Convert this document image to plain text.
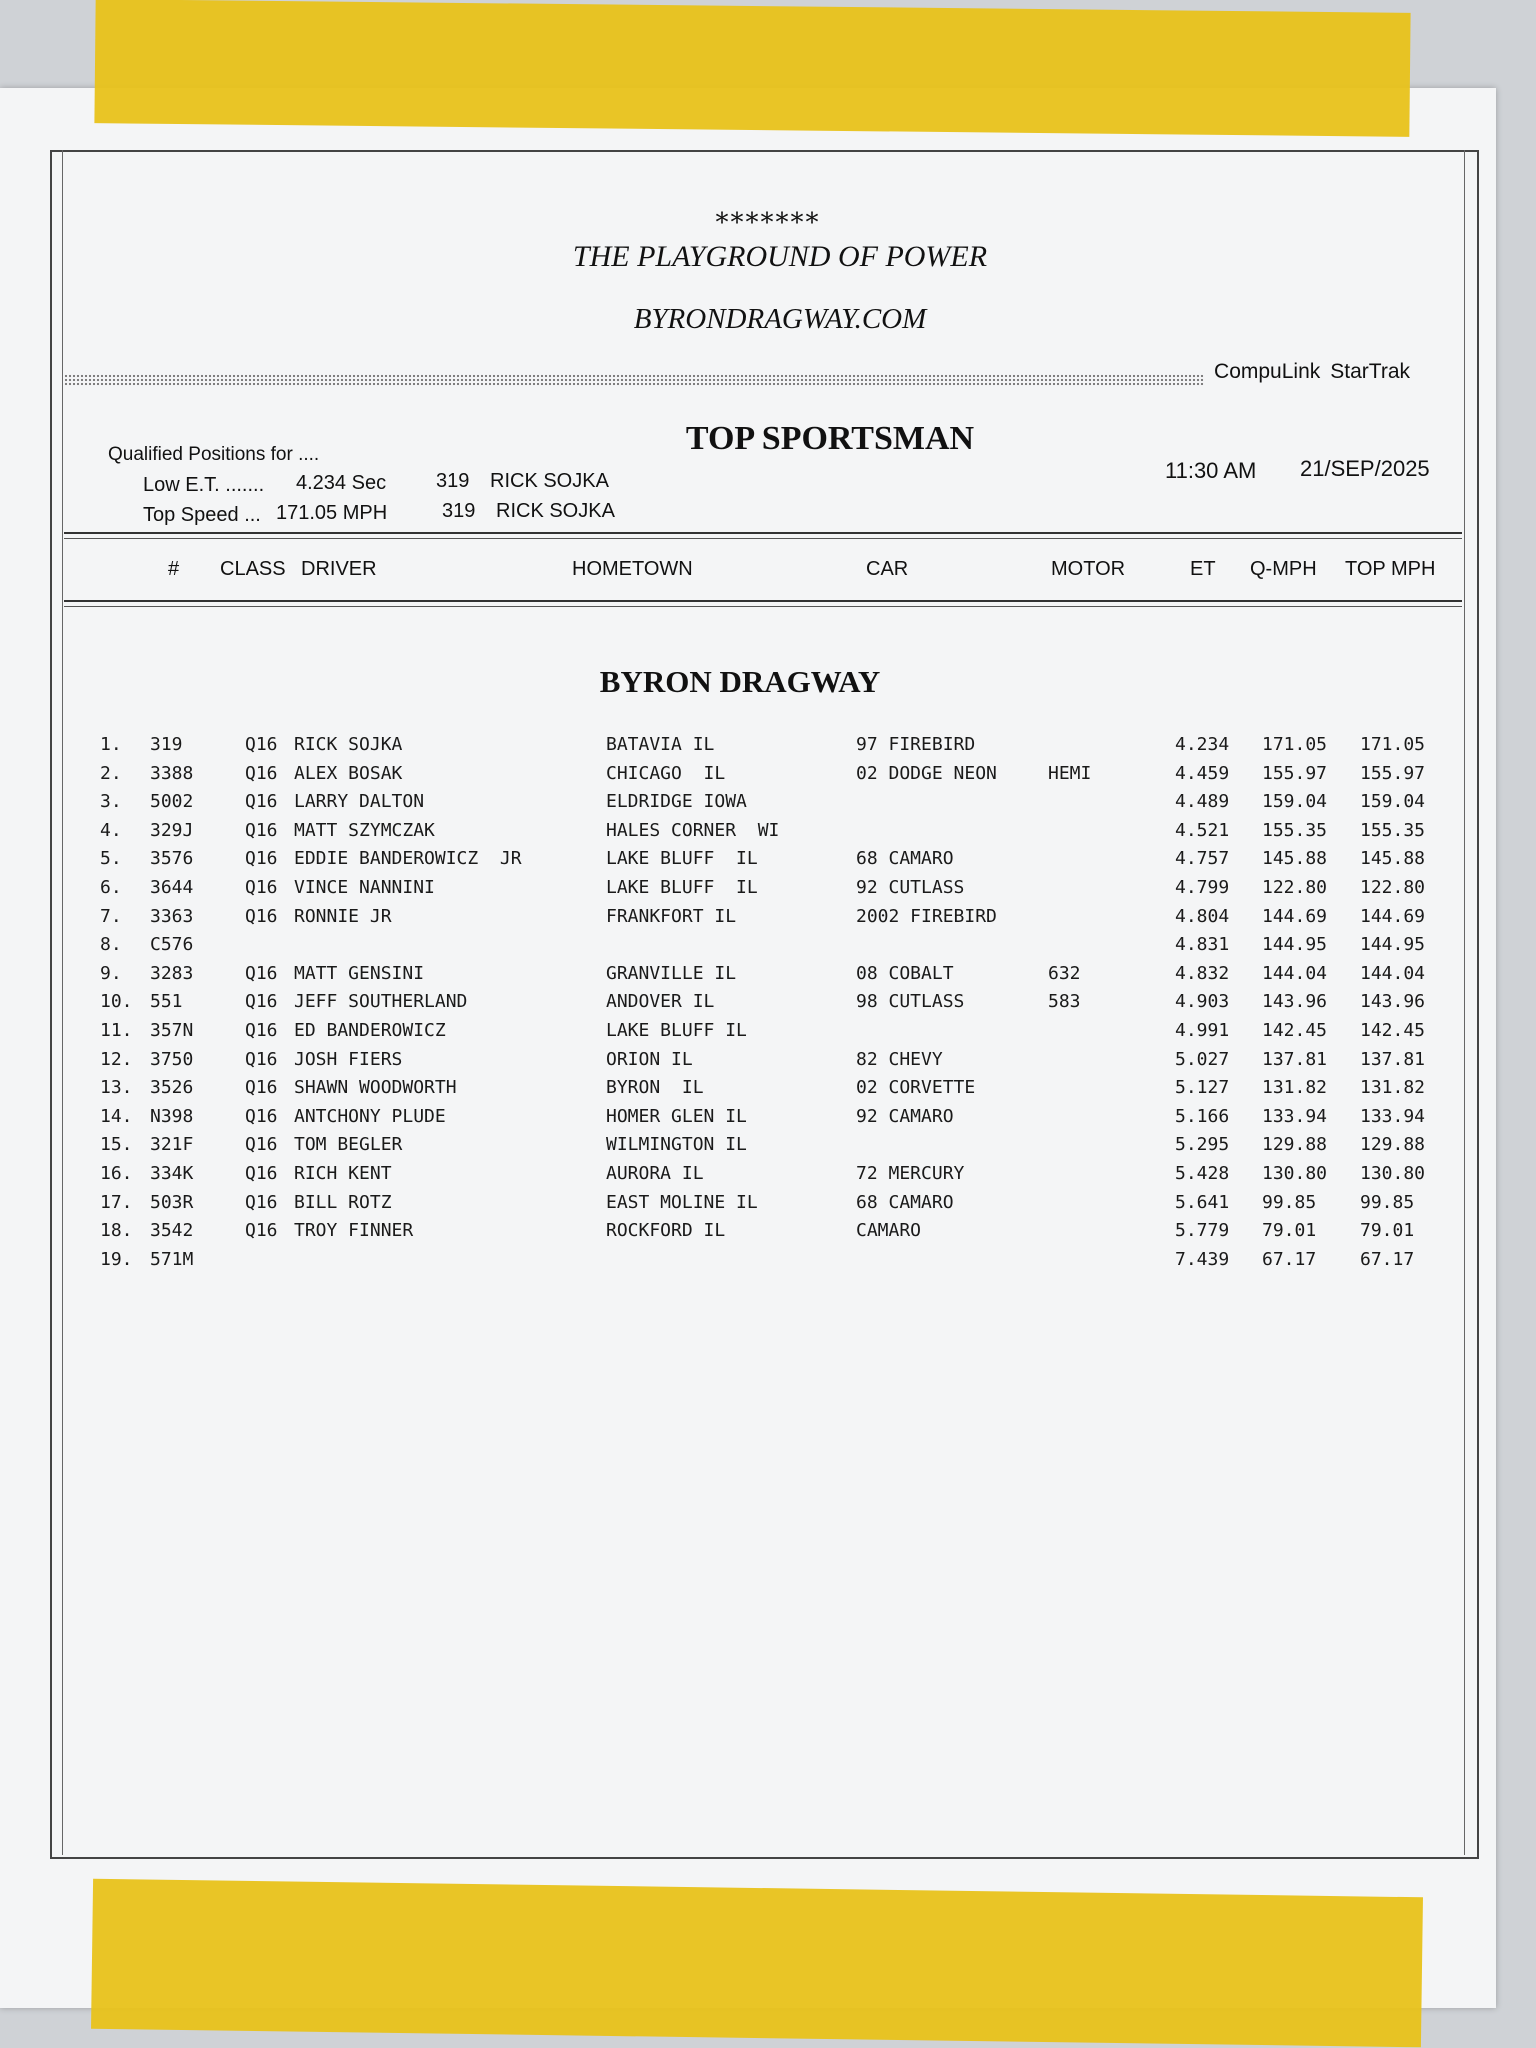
*******
THE PLAYGROUND OF POWER
BYRONDRAGWAY.COM
CompuLink StarTrak
TOP SPORTSMAN
Qualified Positions for ....
Low E.T. ....... 4.234 Sec 319 RICK SOJKA
Top Speed ... 171.05 MPH	319 RICK SOJKA
11:30 AM 21/SEP/2025
# CLASS DRIVER	HOMETOWN	CAR	MOTOR	ET Q-MPH TOP MPH
BYRON DRAGWAY
1. 319	Q16 RICK SOJKA	BATAVIA IL	97 FIREBIRD	4.234 171.05 171.05
2. 3388	Q16 ALEX BOSAK	CHICAGO  IL	02 DODGE NEON	HEMI	4.459 155.97 155.97
3. 5002	Q16 LARRY DALTON	ELDRIDGE IOWA	4.489 159.04 159.04
4. 329J	Q16 MATT SZYMCZAK	HALES CORNER  WI	4.521 155.35 155.35
5. 3576	Q16 EDDIE BANDEROWICZ  JR	LAKE BLUFF  IL	68 CAMARO	4.757 145.88 145.88
6. 3644	Q16 VINCE NANNINI	LAKE BLUFF  IL	92 CUTLASS	4.799 122.80 122.80
7. 3363	Q16 RONNIE JR	FRANKFORT IL	2002 FIREBIRD	4.804 144.69 144.69
8. C576	4.831 144.95 144.95
9. 3283	Q16 MATT GENSINI	GRANVILLE IL	08 COBALT	632	4.832 144.04 144.04
10. 551	Q16 JEFF SOUTHERLAND	ANDOVER IL	98 CUTLASS	583	4.903 143.96 143.96
11. 357N	Q16 ED BANDEROWICZ	LAKE BLUFF IL	4.991 142.45 142.45
12. 3750	Q16 JOSH FIERS	ORION IL	82 CHEVY	5.027 137.81 137.81
13. 3526	Q16 SHAWN WOODWORTH	BYRON  IL	02 CORVETTE	5.127 131.82 131.82
14. N398	Q16 ANTCHONY PLUDE	HOMER GLEN IL	92 CAMARO	5.166 133.94 133.94
15. 321F	Q16 TOM BEGLER	WILMINGTON IL	5.295 129.88 129.88
16. 334K	Q16 RICH KENT	AURORA IL	72 MERCURY	5.428 130.80 130.80
17. 503R	Q16 BILL ROTZ	EAST MOLINE IL	68 CAMARO	5.641 99.85 99.85
18. 3542	Q16 TROY FINNER	ROCKFORD IL	CAMARO	5.779 79.01 79.01
19. 571M	7.439 67.17 67.17
